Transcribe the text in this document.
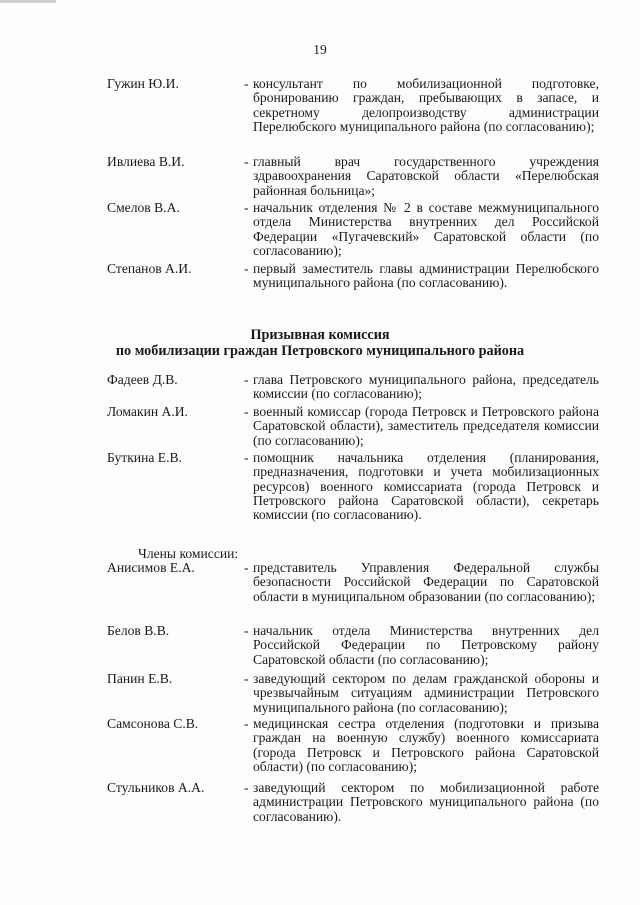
19
Гужин Ю.И.	- консультант по мобилизационной подготовке, бронированию граждан, пребывающих в запасе, и секретному делопроизводству администрации Перелюбского муниципального района (по согласованию);
Ивлиева В.И.	- главный врач государственного учреждения здравоохранения Саратовской области «Перелюбская районная больница»;
Смелов В.А.	- начальник отделения № 2 в составе межмуниципального отдела Министерства внутренних дел Российской Федерации «Пугачевский» Саратовской области (по согласованию);
Степанов А.И.	- первый заместитель главы администрации Перелюбского муниципального района (по согласованию).
Призывная комиссия
по мобилизации граждан Петровского муниципального района
Фадеев Д.В.	- глава Петровского муниципального района, председатель комиссии (по согласованию);
Ломакин А.И.	- военный комиссар (города Петровск и Петровского района Саратовской области), заместитель председателя комиссии (по согласованию);
Буткина Е.В.	- помощник начальника отделения (планирования, предназначения, подготовки и учета мобилизационных ресурсов) военного комиссариата (города Петровск и Петровского района Саратовской области), секретарь комиссии (по согласованию).
Члены комиссии:
Анисимов Е.А.	- представитель Управления Федеральной службы безопасности Российской Федерации по Саратовской области в муниципальном образовании (по согласованию);
Белов В.В.	- начальник отдела Министерства внутренних дел Российской Федерации по Петровскому району Саратовской области (по согласованию);
Панин Е.В.	- заведующий сектором по делам гражданской обороны и чрезвычайным ситуациям администрации Петровского муниципального района (по согласованию);
Самсонова С.В.	- медицинская сестра отделения (подготовки и призыва граждан на военную службу) военного комиссариата (города Петровск и Петровского района Саратовской области) (по согласованию);
Стульников А.А.	- заведующий сектором по мобилизационной работе администрации Петровского муниципального района (по согласованию).
